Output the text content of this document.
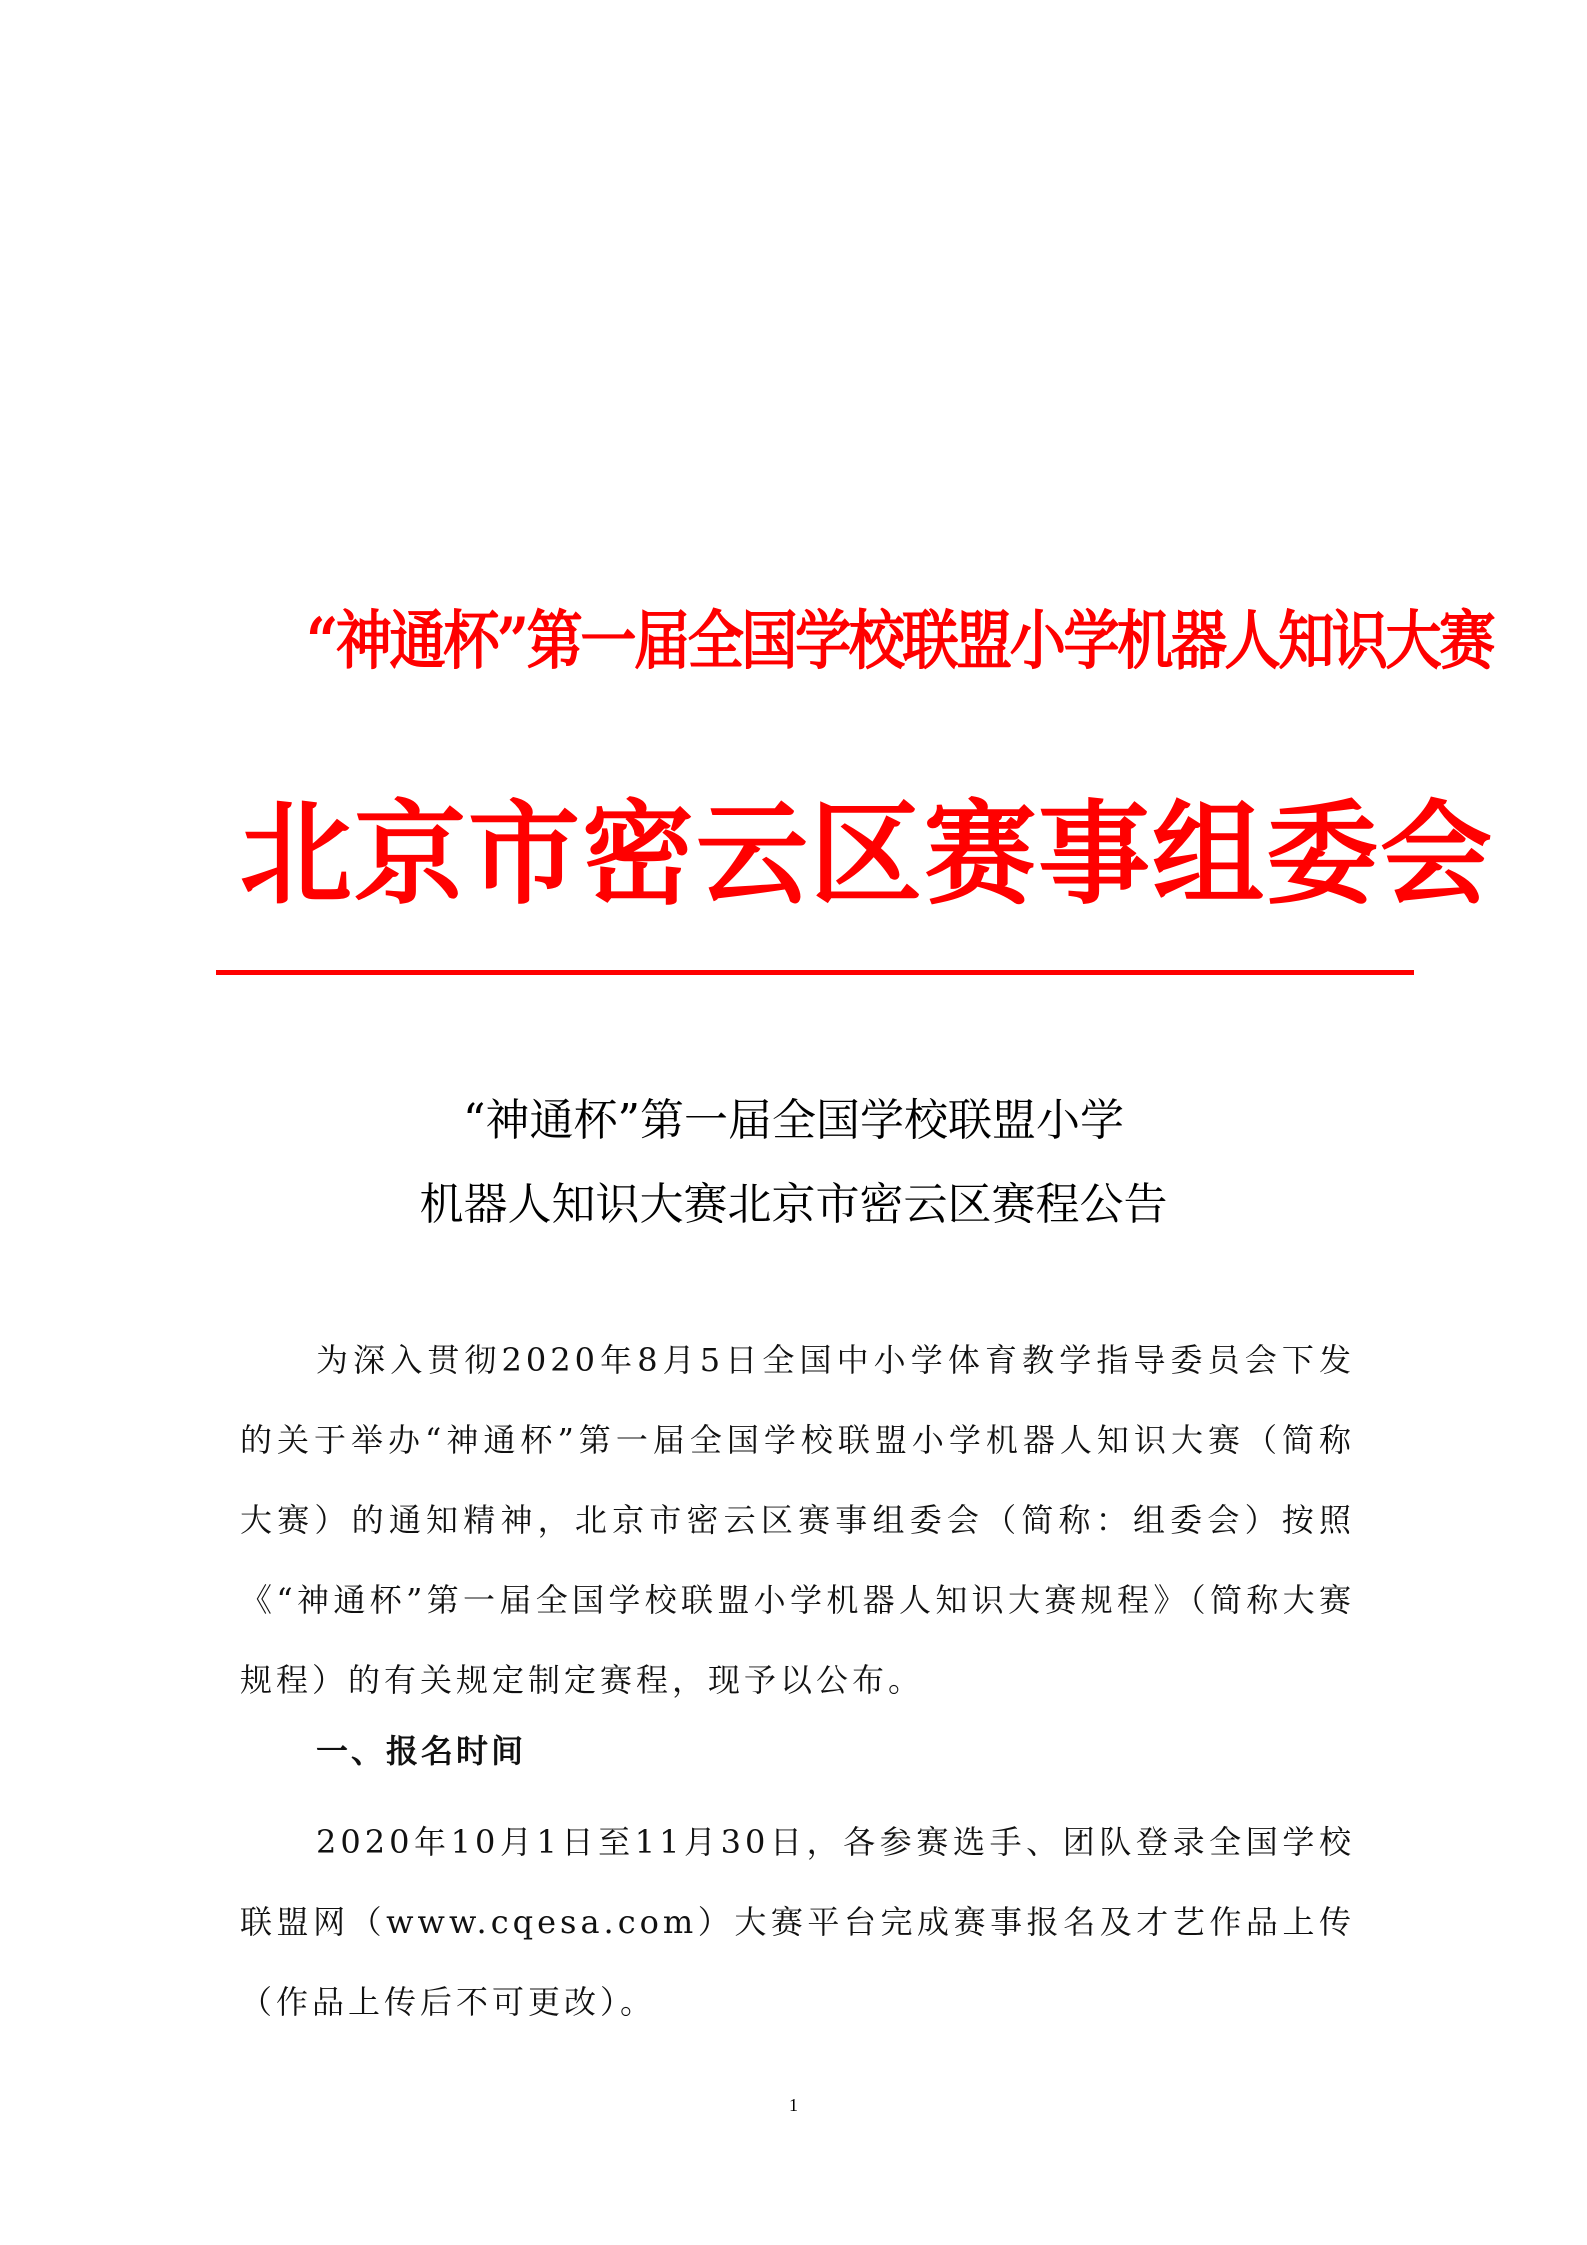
“神通杯”第一届全国学校联盟小学机器人知识大赛
北京市密云区赛事组委会
“神通杯”第一届全国学校联盟小学
机器人知识大赛北京市密云区赛程公告
为深入贯彻2020年8月5日全国中小学体育教学指导委员会下发的关于举办“神通杯”第一届全国学校联盟小学机器人知识大赛（简称大赛）的通知精神，北京市密云区赛事组委会（简称：组委会）按照《“神通杯”第一届全国学校联盟小学机器人知识大赛规程》（简称大赛规程）的有关规定制定赛程，现予以公布。
一、报名时间
2020年10月1日至11月30日，各参赛选手、团队登录全国学校联盟网（www.cqesa.com）大赛平台完成赛事报名及才艺作品上传（作品上传后不可更改）。
1
